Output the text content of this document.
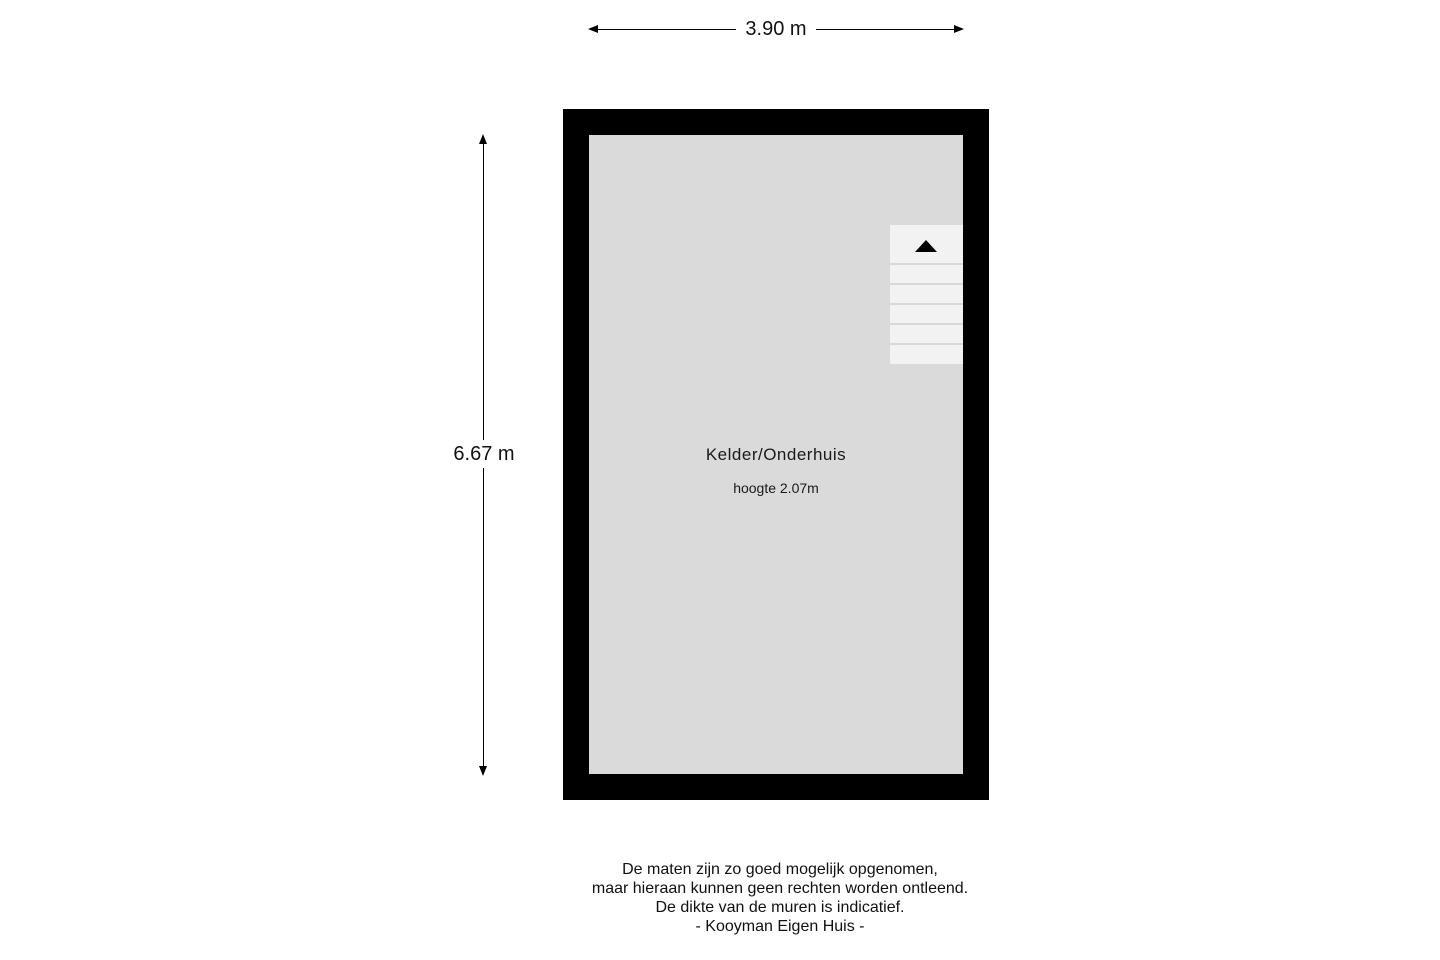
3.90 m
6.67 m	Kelder/Onderhuis
hoogte 2.07m
De maten zijn zo goed mogelijk opgenomen,
maar hieraan kunnen geen rechten worden ontleend.
De dikte van de muren is indicatief.
- Kooyman Eigen Huis -
